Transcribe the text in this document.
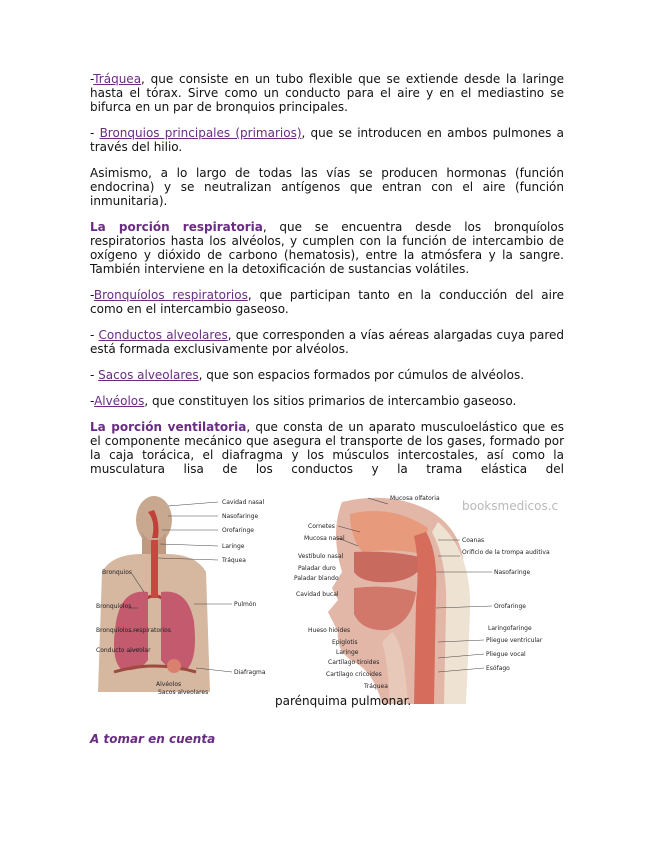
-Tráquea, que consiste en un tubo flexible que se extiende desde la laringe hasta el tórax. Sirve como un conducto para el aire y en el mediastino se bifurca en un par de bronquios principales.

- Bronquios principales (primarios), que se introducen en ambos pulmones a través del hilio.

Asimismo, a lo largo de todas las vías se producen hormonas (función endocrina) y se neutralizan antígenos que entran con el aire (función inmunitaria).

La porción respiratoria, que se encuentra desde los bronquíolos respiratorios hasta los alvéolos, y cumplen con la función de intercambio de oxígeno y dióxido de carbono (hematosis), entre la atmósfera y la sangre. También interviene en la detoxificación de sustancias volátiles.

-Bronquíolos respiratorios, que participan tanto en la conducción del aire como en el intercambio gaseoso.

- Conductos alveolares, que corresponden a vías aéreas alargadas cuya pared está formada exclusivamente por alvéolos.

- Sacos alveolares, que son espacios formados por cúmulos de alvéolos.

-Alvéolos, que constituyen los sitios primarios de intercambio gaseoso.

La porción ventilatoria, que consta de un aparato musculoelástico que es el componente mecánico que asegura el transporte de los gases, formado por la caja torácica, el diafragma y los músculos intercostales, así como la musculatura lisa de los conductos y la trama elástica del

booksmedicos.c
Cavidad nasal
Nasofaringe
Orofaringe
Laringe
Tráquea
Bronquios
Bronquíolos	Pulmón
Bronquíolos respiratorios
Conducto alveolar
Alvéolos
Sacos alveolares
Diafragma
Mucosa olfatoria
Cornetes
Mucosa nasal
Vestíbulo nasal
Paladar duro
Paladar blando
Cavidad bucal
Coanas
Orificio de la trompa auditiva
Nasofaringe
Orofaringe
Laringofaringe
Pliegue ventricular
Pliegue vocal
Esófago
Hueso hioides
Epiglotis
Laringe
Cartílago tiroides
Cartílago cricoides
Tráquea
parénquima pulmonar.
A tomar en cuenta
